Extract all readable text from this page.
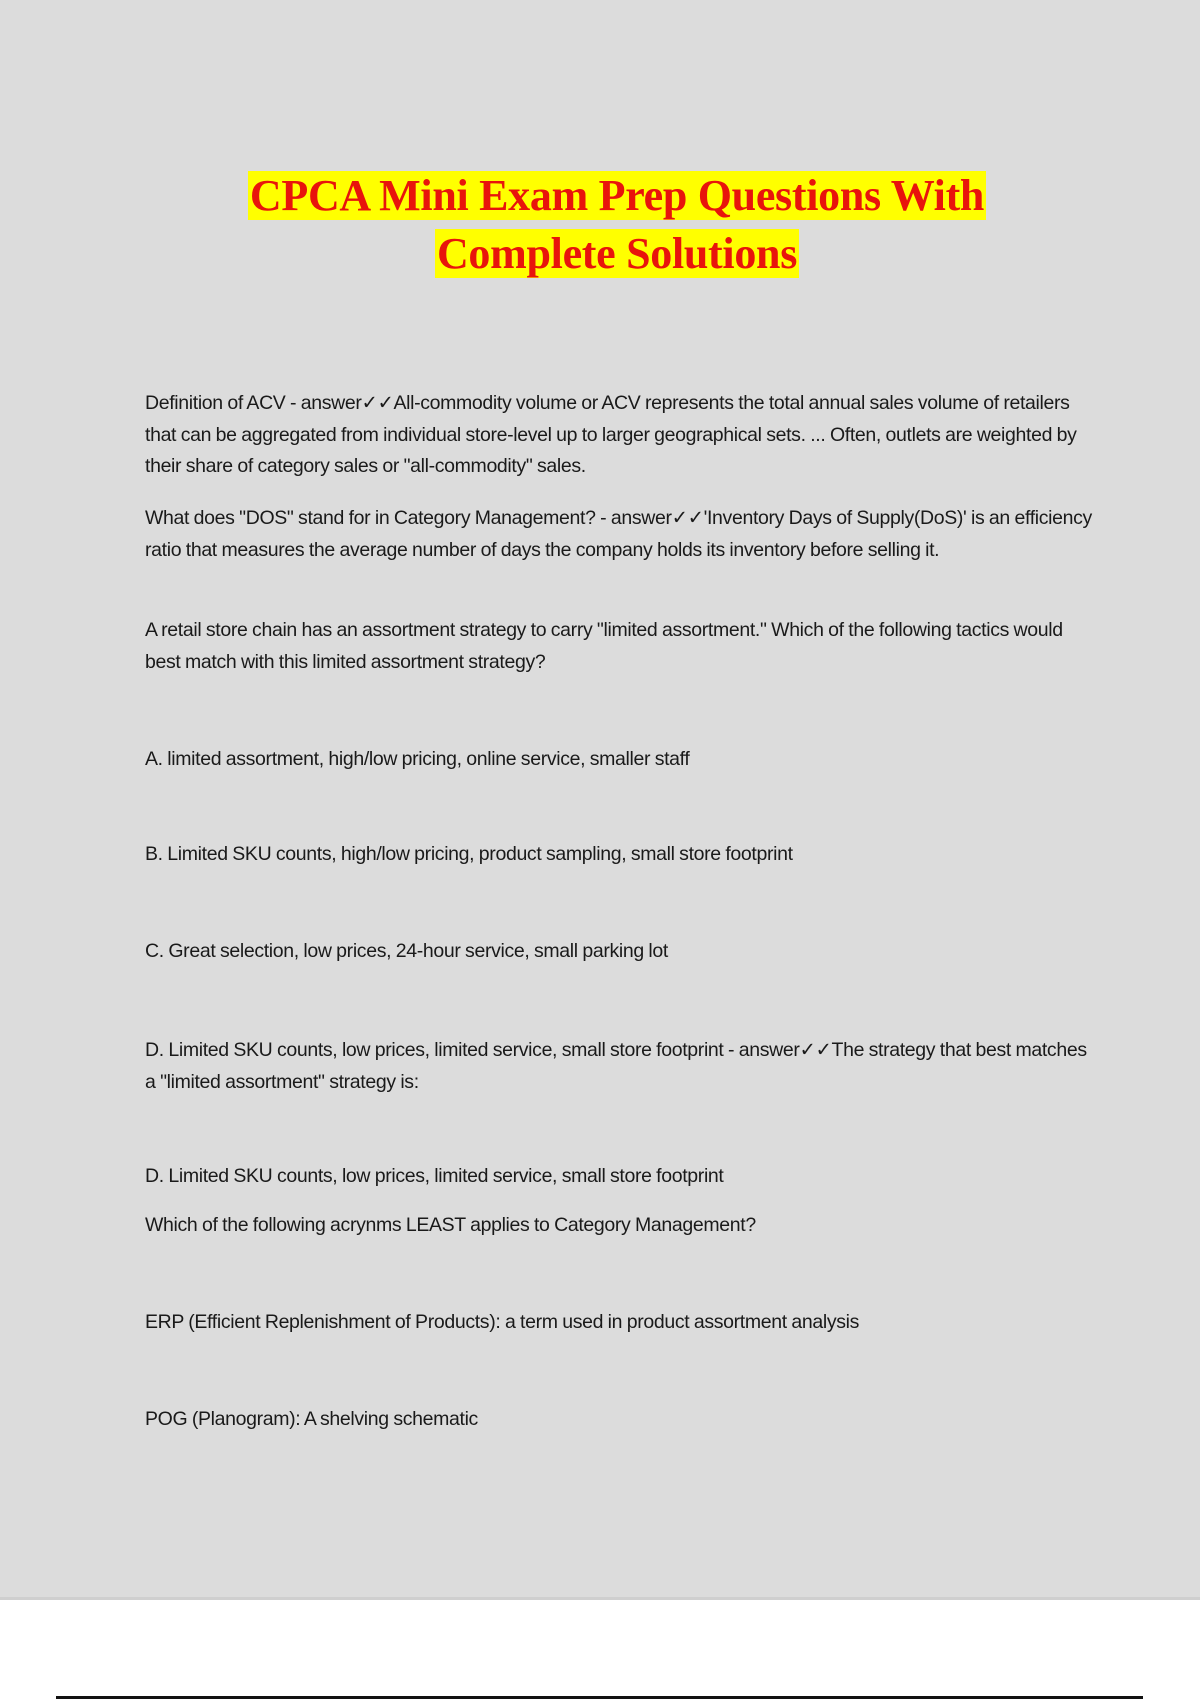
CPCA Mini Exam Prep Questions With
Complete Solutions
Definition of ACV - answer✓✓All-commodity volume or ACV represents the total annual sales volume of retailers that can be aggregated from individual store-level up to larger geographical sets. ... Often, outlets are weighted by their share of category sales or "all-commodity" sales.
What does "DOS" stand for in Category Management? - answer✓✓'Inventory Days of Supply(DoS)' is an efficiency ratio that measures the average number of days the company holds its inventory before selling it.
A retail store chain has an assortment strategy to carry "limited assortment." Which of the following tactics would best match with this limited assortment strategy?
A. limited assortment, high/low pricing, online service, smaller staff
B. Limited SKU counts, high/low pricing, product sampling, small store footprint
C. Great selection, low prices, 24-hour service, small parking lot
D. Limited SKU counts, low prices, limited service, small store footprint - answer✓✓The strategy that best matches a "limited assortment" strategy is:
D. Limited SKU counts, low prices, limited service, small store footprint
Which of the following acrynms LEAST applies to Category Management?
ERP (Efficient Replenishment of Products): a term used in product assortment analysis
POG (Planogram): A shelving schematic
